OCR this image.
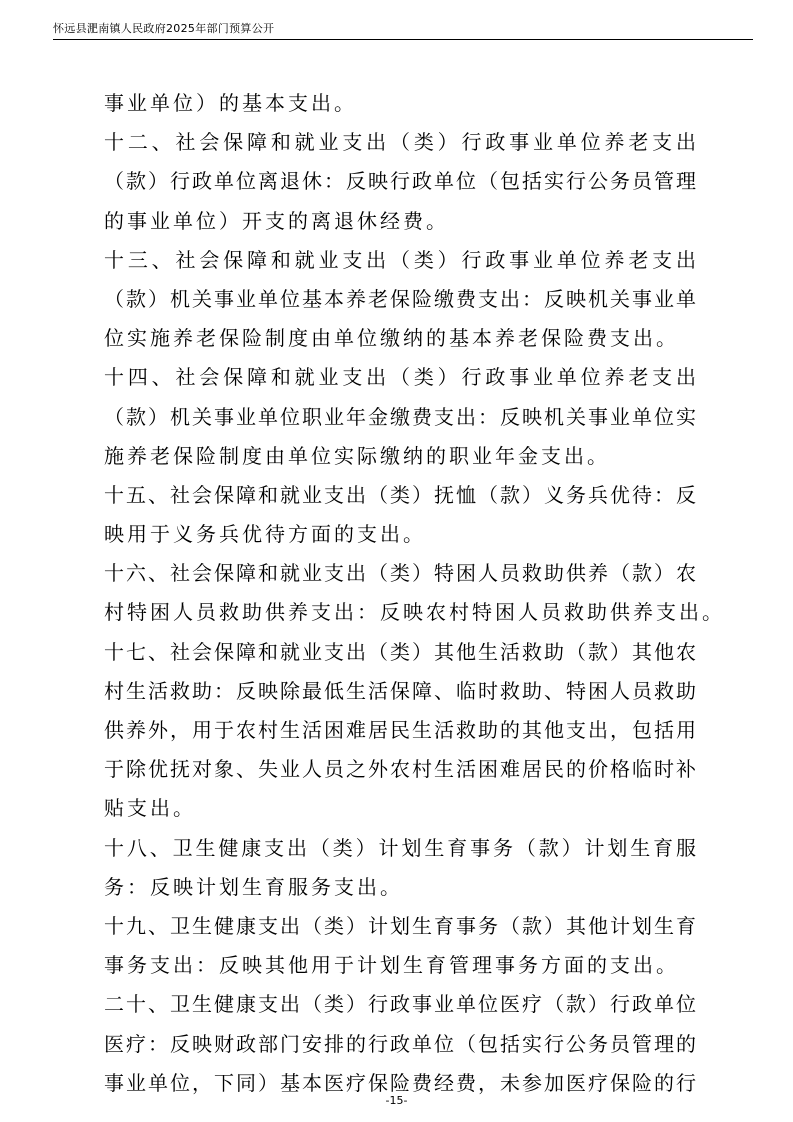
怀远县淝南镇人民政府2025年部门预算公开
事业单位）的基本支出。
十二、社会保障和就业支出（类）行政事业单位养老支出
（款）行政单位离退休：反映行政单位（包括实行公务员管理
的事业单位）开支的离退休经费。
十三、社会保障和就业支出（类）行政事业单位养老支出
（款）机关事业单位基本养老保险缴费支出：反映机关事业单
位实施养老保险制度由单位缴纳的基本养老保险费支出。
十四、社会保障和就业支出（类）行政事业单位养老支出
（款）机关事业单位职业年金缴费支出：反映机关事业单位实
施养老保险制度由单位实际缴纳的职业年金支出。
十五、社会保障和就业支出（类）抚恤（款）义务兵优待：反
映用于义务兵优待方面的支出。
十六、社会保障和就业支出（类）特困人员救助供养（款）农
村特困人员救助供养支出：反映农村特困人员救助供养支出。
十七、社会保障和就业支出（类）其他生活救助（款）其他农
村生活救助：反映除最低生活保障、临时救助、特困人员救助
供养外，用于农村生活困难居民生活救助的其他支出，包括用
于除优抚对象、失业人员之外农村生活困难居民的价格临时补
贴支出。
十八、卫生健康支出（类）计划生育事务（款）计划生育服
务：反映计划生育服务支出。
十九、卫生健康支出（类）计划生育事务（款）其他计划生育
事务支出：反映其他用于计划生育管理事务方面的支出。
二十、卫生健康支出（类）行政事业单位医疗（款）行政单位
医疗：反映财政部门安排的行政单位（包括实行公务员管理的
事业单位，下同）基本医疗保险费经费，未参加医疗保险的行
-15-
